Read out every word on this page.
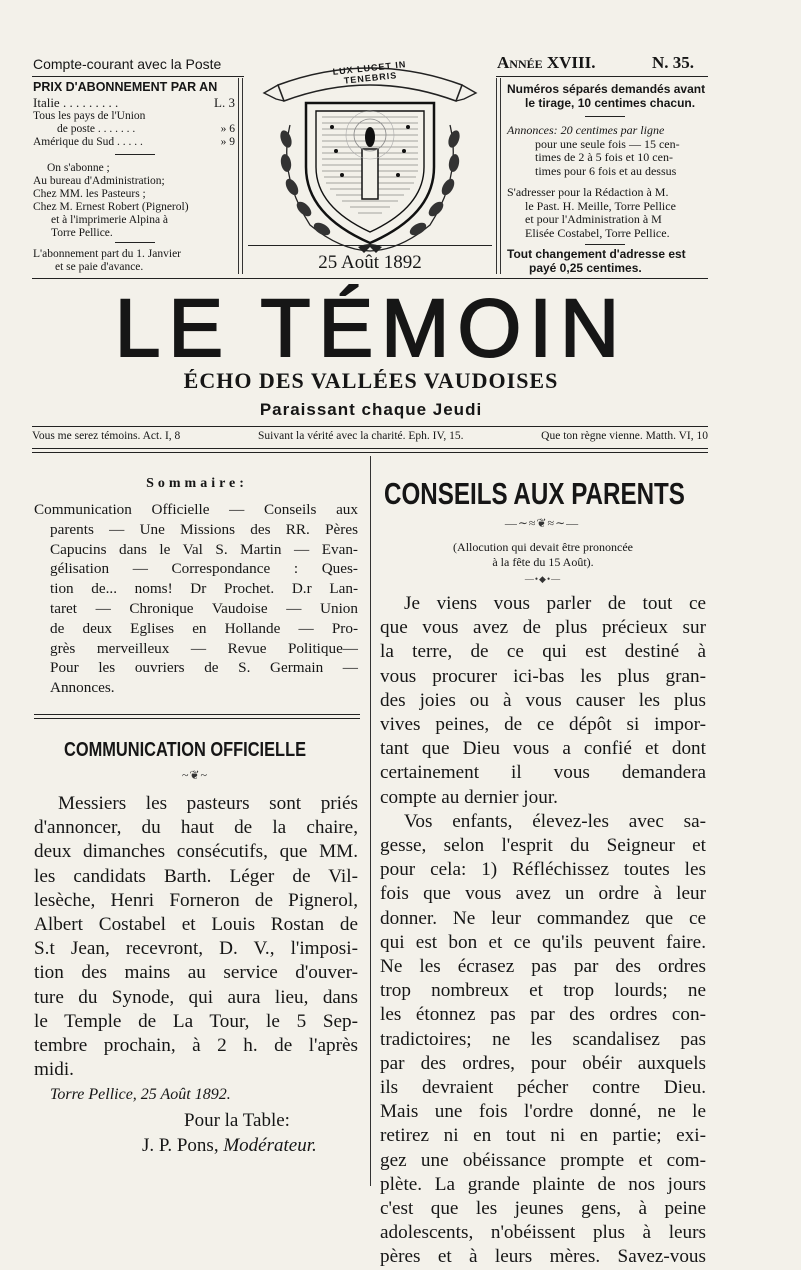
Compte-courant avec la Poste
PRIX D'ABONNEMENT PAR AN
Italie . . . . . . . . .	L. 3
Tous les pays de l'Union
de poste . . . . . . .	» 6
Amérique du Sud . . . . .	» 9
On s'abonne ;
Au bureau d'Administration;
Chez MM. les Pasteurs ;
Chez M. Ernest Robert (Pignerol)
et à l'imprimerie Alpina à
Torre Pellice.
L'abonnement part du 1. Janvier
et se paie d'avance.
LUX LUCET IN TENEBRIS
25 Août 1892
Année XVIII.	N. 35.
Numéros séparés demandés avant
le tirage, 10 centimes chacun.
Annonces: 20 centimes par ligne
pour une seule fois — 15 cen-
times de 2 à 5 fois et 10 cen-
times pour 6 fois et au dessus
S'adresser pour la Rédaction à M.
le Past. H. Meille, Torre Pellice
et pour l'Administration à M
Elisée Costabel, Torre Pellice.
Tout changement d'adresse est
payé 0,25 centimes.
LE TÉMOIN
ÉCHO DES VALLÉES VAUDOISES
Paraissant chaque Jeudi
Vous me serez témoins. Act. I, 8	Suivant la vérité avec la charité. Eph. IV, 15.	Que ton règne vienne. Matth. VI, 10
Sommaire:
Communication Officielle — Conseils aux
parents — Une Missions des RR. Pères
Capucins dans le Val S. Martin — Evan-
gélisation — Correspondance : Ques-
tion de... noms! Dr Prochet. D.r Lan-
taret — Chronique Vaudoise — Union
de deux Eglises en Hollande — Pro-
grès merveilleux — Revue Politique—
Pour les ouvriers de S. Germain —
Annonces.
COMMUNICATION OFFICIELLE
~❦~
Messiers les pasteurs sont priés
d'annoncer, du haut de la chaire,
deux dimanches consécutifs, que MM.
les candidats Barth. Léger de Vil-
lesèche, Henri Forneron de Pignerol,
Albert Costabel et Louis Rostan de
S.t Jean, recevront, D. V., l'imposi-
tion des mains au service d'ouver-
ture du Synode, qui aura lieu, dans
le Temple de La Tour, le 5 Sep-
tembre prochain, à 2 h. de l'après
midi.
Torre Pellice, 25 Août 1892.
Pour la Table:
J. P. Pons, Modérateur.
CONSEILS AUX PARENTS
—∼≈❦≈∼—
(Allocution qui devait être prononcée
à la fête du 15 Août).
—•◆•—
Je viens vous parler de tout ce
que vous avez de plus précieux sur
la terre, de ce qui est destiné à
vous procurer ici-bas les plus gran-
des joies ou à vous causer les plus
vives peines, de ce dépôt si impor-
tant que Dieu vous a confié et dont
certainement il vous demandera
compte au dernier jour.
Vos enfants, élevez-les avec sa-
gesse, selon l'esprit du Seigneur et
pour cela: 1) Réfléchissez toutes les
fois que vous avez un ordre à leur
donner. Ne leur commandez que ce
qui est bon et ce qu'ils peuvent faire.
Ne les écrasez pas par des ordres
trop nombreux et trop lourds; ne
les étonnez pas par des ordres con-
tradictoires; ne les scandalisez pas
par des ordres, pour obéir auxquels
ils devraient pécher contre Dieu.
Mais une fois l'ordre donné, ne le
retirez ni en tout ni en partie; exi-
gez une obéissance prompte et com-
plète. La grande plainte de nos jours
c'est que les jeunes gens, à peine
adolescents, n'obéissent plus à leurs
pères et à leurs mères. Savez-vous
